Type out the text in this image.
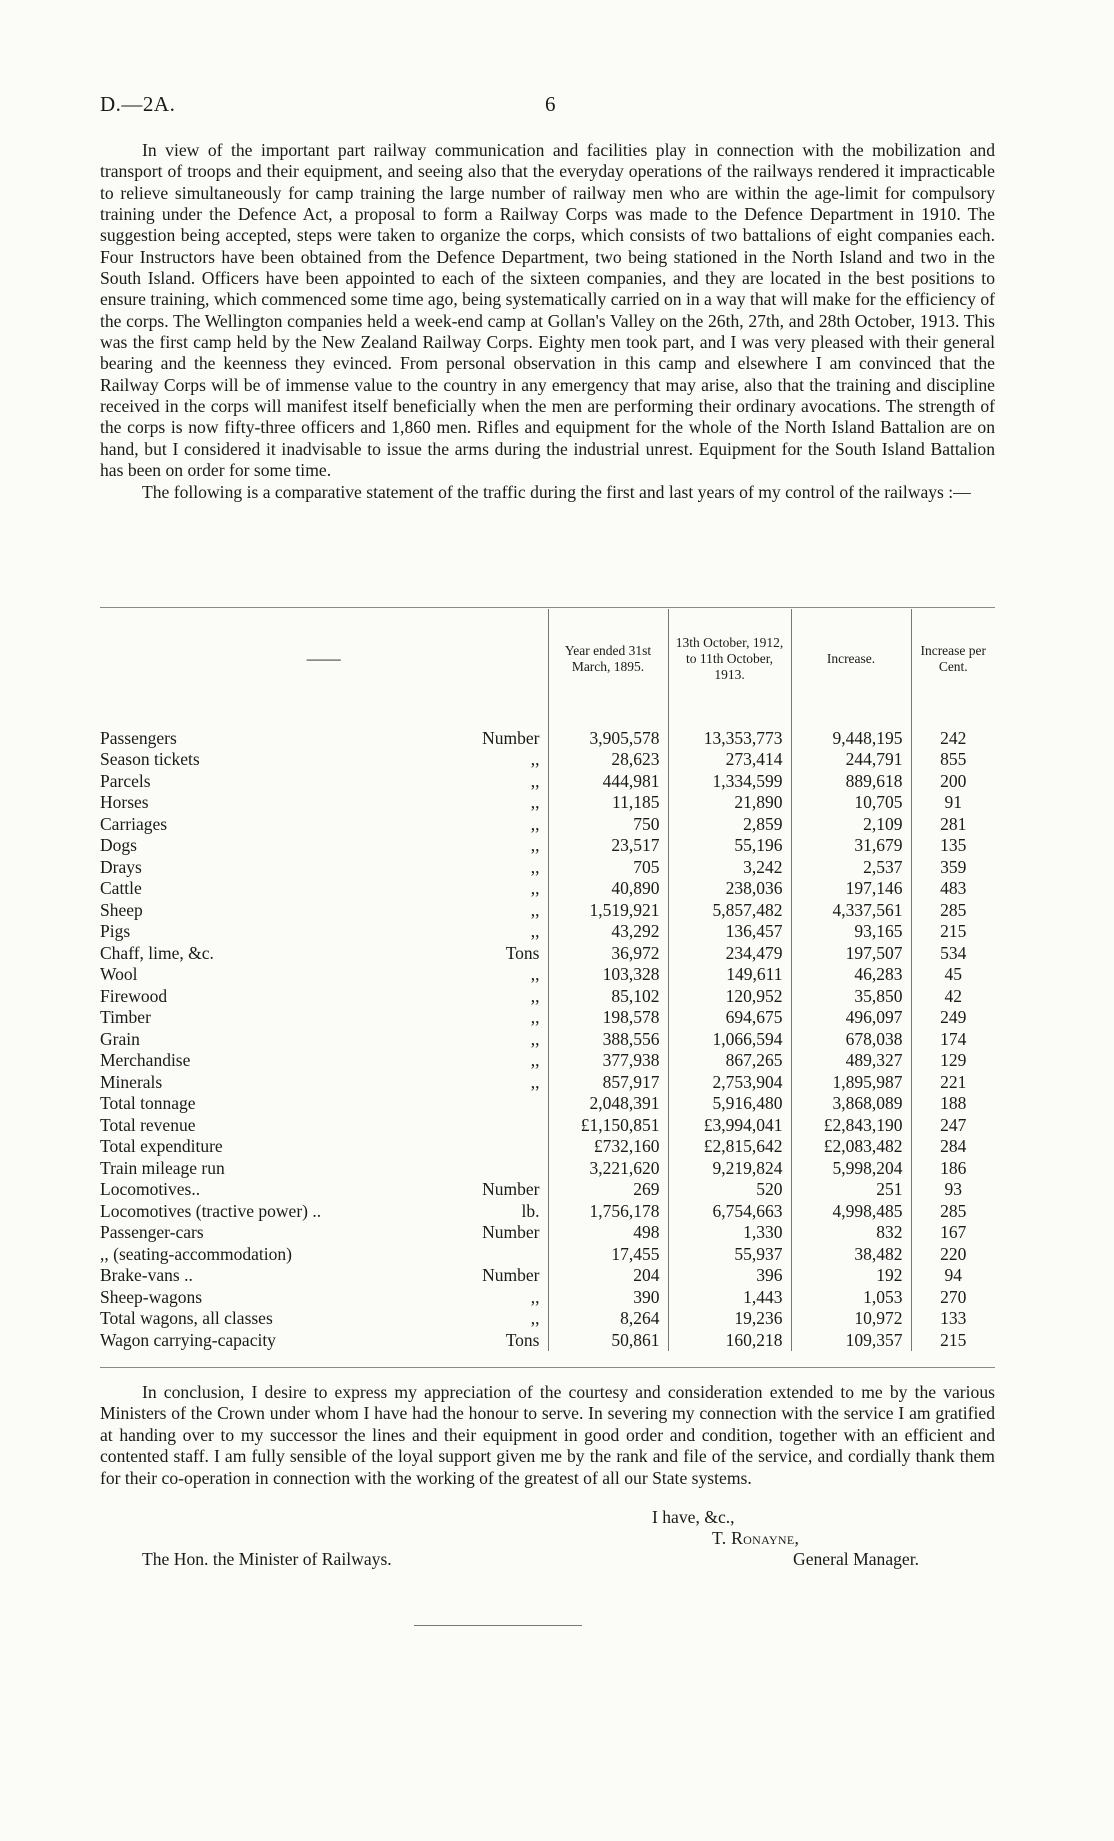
D.—2A.	6

In view of the important part railway communication and facilities play in connection with the mobilization and transport of troops and their equipment, and seeing also that the everyday operations of the railways rendered it impracticable to relieve simultaneously for camp training the large number of railway men who are within the age-limit for compulsory training under the Defence Act, a proposal to form a Railway Corps was made to the Defence Department in 1910. The suggestion being accepted, steps were taken to organize the corps, which consists of two battalions of eight companies each. Four Instructors have been obtained from the Defence Department, two being stationed in the North Island and two in the South Island. Officers have been appointed to each of the sixteen companies, and they are located in the best positions to ensure training, which commenced some time ago, being systematically carried on in a way that will make for the efficiency of the corps. The Wellington companies held a week-end camp at Gollan's Valley on the 26th, 27th, and 28th October, 1913. This was the first camp held by the New Zealand Railway Corps. Eighty men took part, and I was very pleased with their general bearing and the keenness they evinced. From personal observation in this camp and elsewhere I am convinced that the Railway Corps will be of immense value to the country in any emergency that may arise, also that the training and discipline received in the corps will manifest itself beneficially when the men are performing their ordinary avocations. The strength of the corps is now fifty-three officers and 1,860 men. Rifles and equipment for the whole of the North Island Battalion are on hand, but I considered it inadvisable to issue the arms during the industrial unrest. Equipment for the South Island Battalion has been on order for some time.

The following is a comparative statement of the traffic during the first and last years of my control of the railways :—

——	Year ended 31st March, 1895.	13th October, 1912, to 11th October, 1913.	Increase.	Increase per Cent.

Passengers Number	3,905,578	13,353,773	9,448,195	242

Season tickets ,,	28,623	273,414	244,791	855

Parcels ,,	444,981	1,334,599	889,618	200

Horses ,,	11,185	21,890	10,705	91

Carriages ,,	750	2,859	2,109	281

Dogs ,,	23,517	55,196	31,679	135

Drays ,,	705	3,242	2,537	359

Cattle ,,	40,890	238,036	197,146	483

Sheep ,,	1,519,921	5,857,482	4,337,561	285

Pigs ,,	43,292	136,457	93,165	215

Chaff, lime, &c. Tons	36,972	234,479	197,507	534

Wool ,,	103,328	149,611	46,283	45

Firewood ,,	85,102	120,952	35,850	42

Timber ,,	198,578	694,675	496,097	249

Grain ,,	388,556	1,066,594	678,038	174

Merchandise ,,	377,938	867,265	489,327	129

Minerals ,,	857,917	2,753,904	1,895,987	221

Total tonnage	2,048,391	5,916,480	3,868,089	188

Total revenue	£1,150,851	£3,994,041	£2,843,190	247

Total expenditure	£732,160	£2,815,642	£2,083,482	284

Train mileage run	3,221,620	9,219,824	5,998,204	186

Locomotives.. Number	269	520	251	93

Locomotives (tractive power) .. lb.	1,756,178	6,754,663	4,998,485	285

Passenger-cars Number	498	1,330	832	167

,, (seating-accommodation)	17,455	55,937	38,482	220

Brake-vans .. Number	204	396	192	94

Sheep-wagons ,,	390	1,443	1,053	270

Total wagons, all classes ,,	8,264	19,236	10,972	133

Wagon carrying-capacity Tons	50,861	160,218	109,357	215

In conclusion, I desire to express my appreciation of the courtesy and consideration extended to me by the various Ministers of the Crown under whom I have had the honour to serve. In severing my connection with the service I am gratified at handing over to my successor the lines and their equipment in good order and condition, together with an efficient and contented staff. I am fully sensible of the loyal support given me by the rank and file of the service, and cordially thank them for their co-operation in connection with the working of the greatest of all our State systems.

I have, &c.,
T. Ronayne,
General Manager.
The Hon. the Minister of Railways.
